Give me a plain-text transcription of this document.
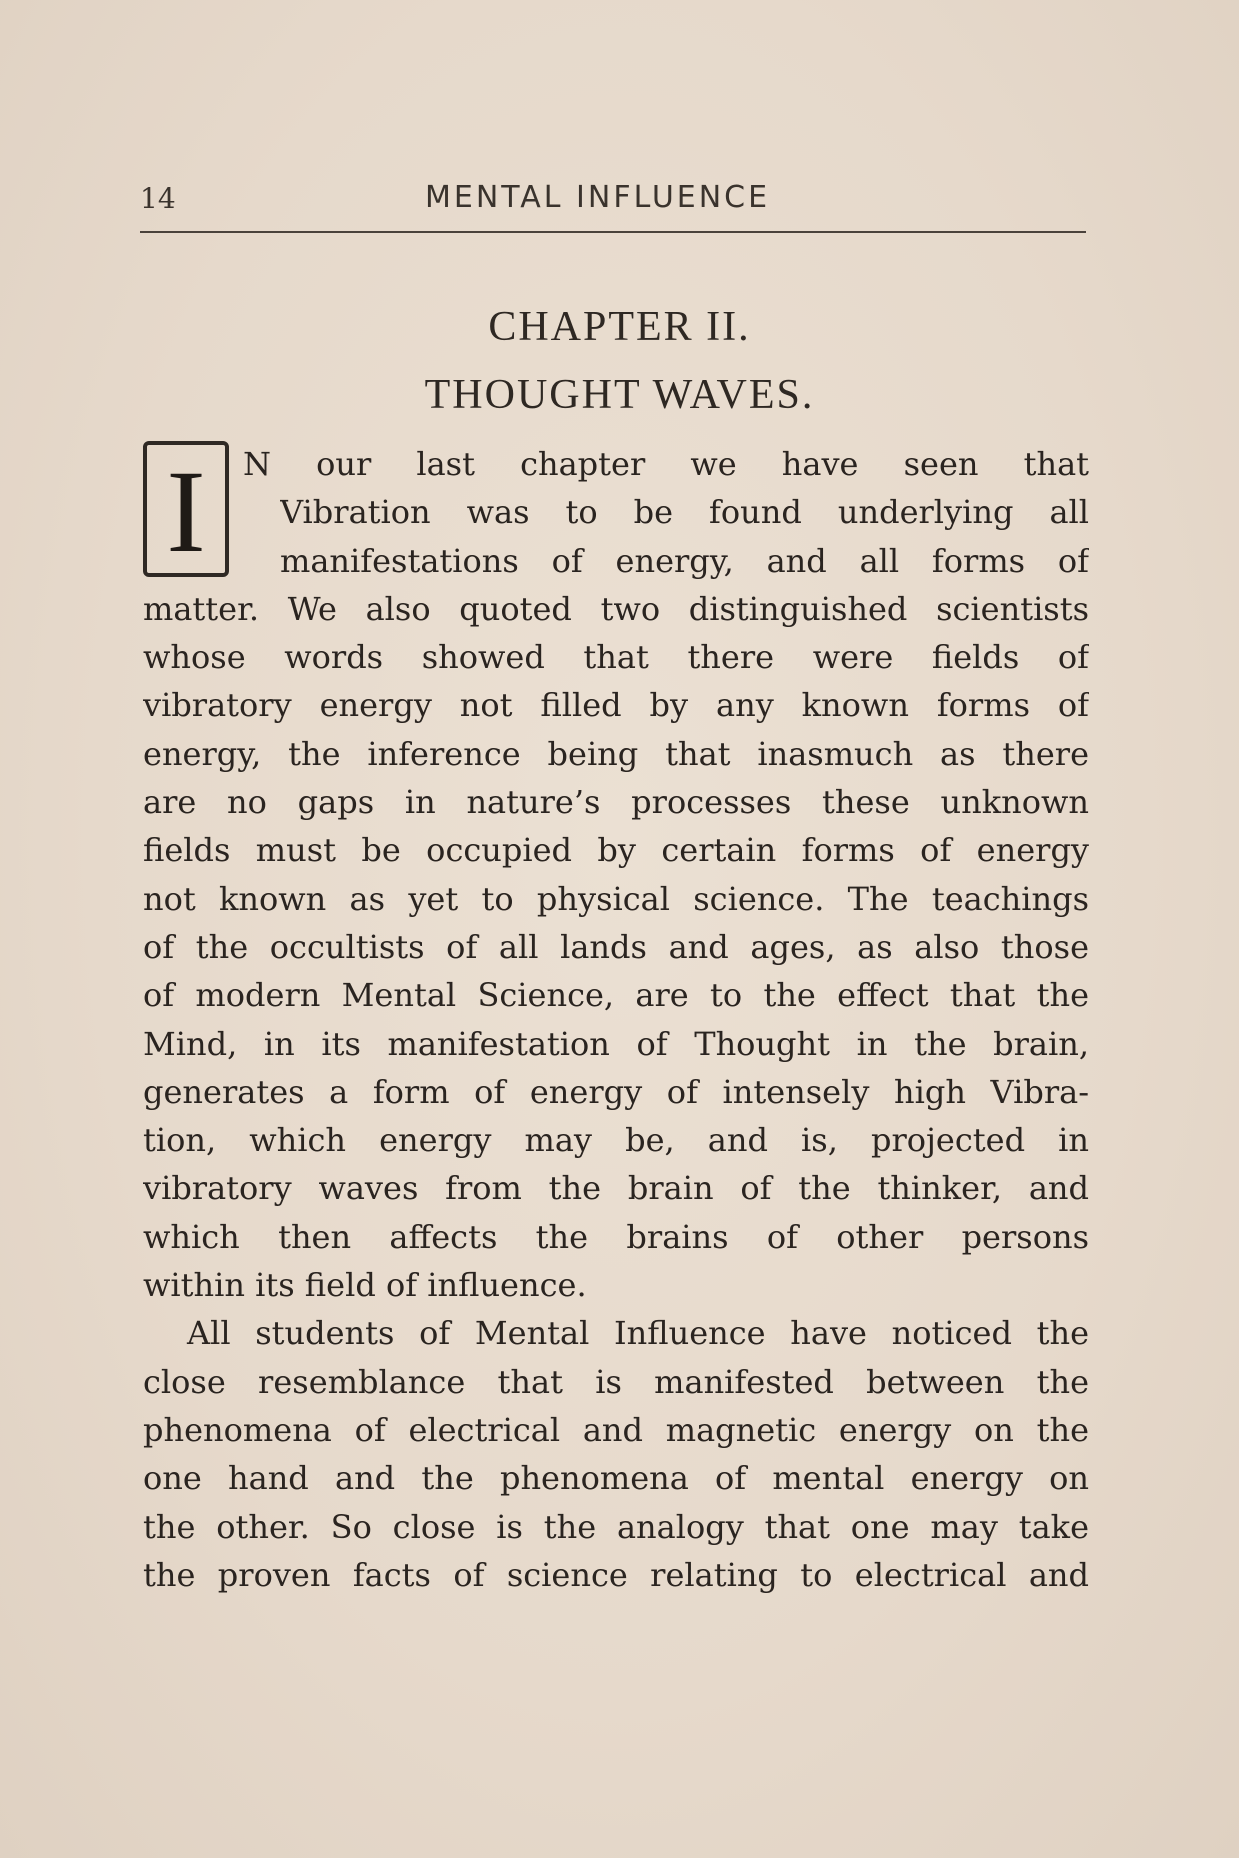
14	MENTAL INFLUENCE
CHAPTER II.
THOUGHT WAVES.
I	N our last chapter we have seen that
Vibration was to be found underlying all
manifestations of energy, and all forms of
matter. We also quoted two distinguished scientists
whose words showed that there were fields of
vibratory energy not filled by any known forms of
energy, the inference being that inasmuch as there
are no gaps in nature’s processes these unknown
fields must be occupied by certain forms of energy
not known as yet to physical science. The teachings
of the occultists of all lands and ages, as also those
of modern Mental Science, are to the effect that the
Mind, in its manifestation of Thought in the brain,
generates a form of energy of intensely high Vibra-
tion, which energy may be, and is, projected in
vibratory waves from the brain of the thinker, and
which then affects the brains of other persons
within its field of influence.
All students of Mental Influence have noticed the
close resemblance that is manifested between the
phenomena of electrical and magnetic energy on the
one hand and the phenomena of mental energy on
the other. So close is the analogy that one may take
the proven facts of science relating to electrical and
